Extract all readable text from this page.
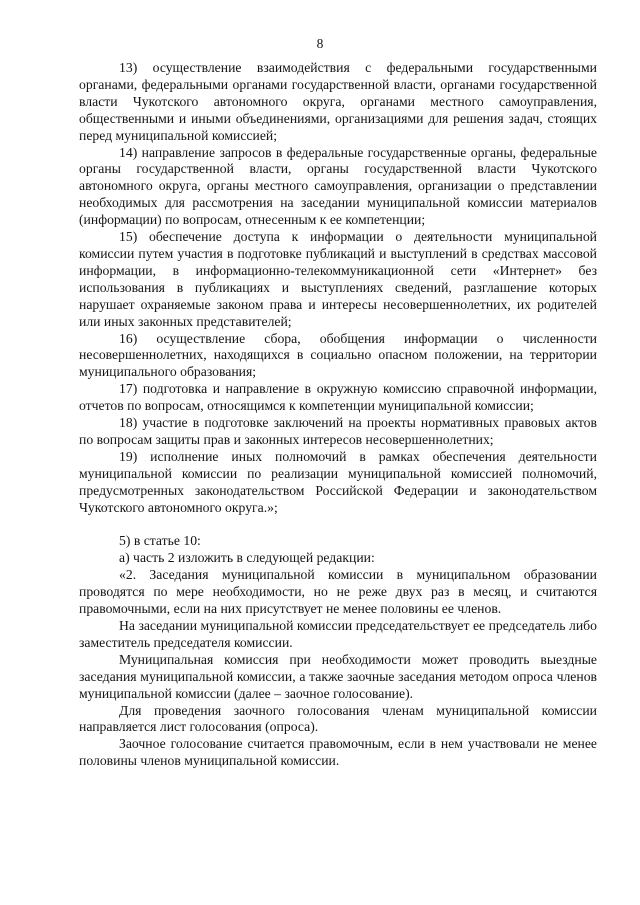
8

13) осуществление взаимодействия с федеральными государственными органами, федеральными органами государственной власти, органами государственной власти Чукотского автономного округа, органами местного самоуправления, общественными и иными объединениями, организациями для решения задач, стоящих перед муниципальной комиссией;

14) направление запросов в федеральные государственные органы, федеральные органы государственной власти, органы государственной власти Чукотского автономного округа, органы местного самоуправления, организации о представлении необходимых для рассмотрения на заседании муниципальной комиссии материалов (информации) по вопросам, отнесенным к ее компетенции;

15) обеспечение доступа к информации о деятельности муниципальной комиссии путем участия в подготовке публикаций и выступлений в средствах массовой информации, в информационно-телекоммуникационной сети «Интернет» без использования в публикациях и выступлениях сведений, разглашение которых нарушает охраняемые законом права и интересы несовершеннолетних, их родителей или иных законных представителей;

16) осуществление сбора, обобщения информации о численности несовершеннолетних, находящихся в социально опасном положении, на территории муниципального образования;

17) подготовка и направление в окружную комиссию справочной информации, отчетов по вопросам, относящимся к компетенции муниципальной комиссии;

18) участие в подготовке заключений на проекты нормативных правовых актов по вопросам защиты прав и законных интересов несовершеннолетних;

19) исполнение иных полномочий в рамках обеспечения деятельности муниципальной комиссии по реализации муниципальной комиссией полномочий, предусмотренных законодательством Российской Федерации и законодательством Чукотского автономного округа.»;

5) в статье 10:

а) часть 2 изложить в следующей редакции:

«2. Заседания муниципальной комиссии в муниципальном образовании проводятся по мере необходимости, но не реже двух раз в месяц, и считаются правомочными, если на них присутствует не менее половины ее членов.

На заседании муниципальной комиссии председательствует ее председатель либо заместитель председателя комиссии.

Муниципальная комиссия при необходимости может проводить выездные заседания муниципальной комиссии, а также заочные заседания методом опроса членов муниципальной комиссии (далее – заочное голосование).

Для проведения заочного голосования членам муниципальной комиссии направляется лист голосования (опроса).

Заочное голосование считается правомочным, если в нем участвовали не менее половины членов муниципальной комиссии.
